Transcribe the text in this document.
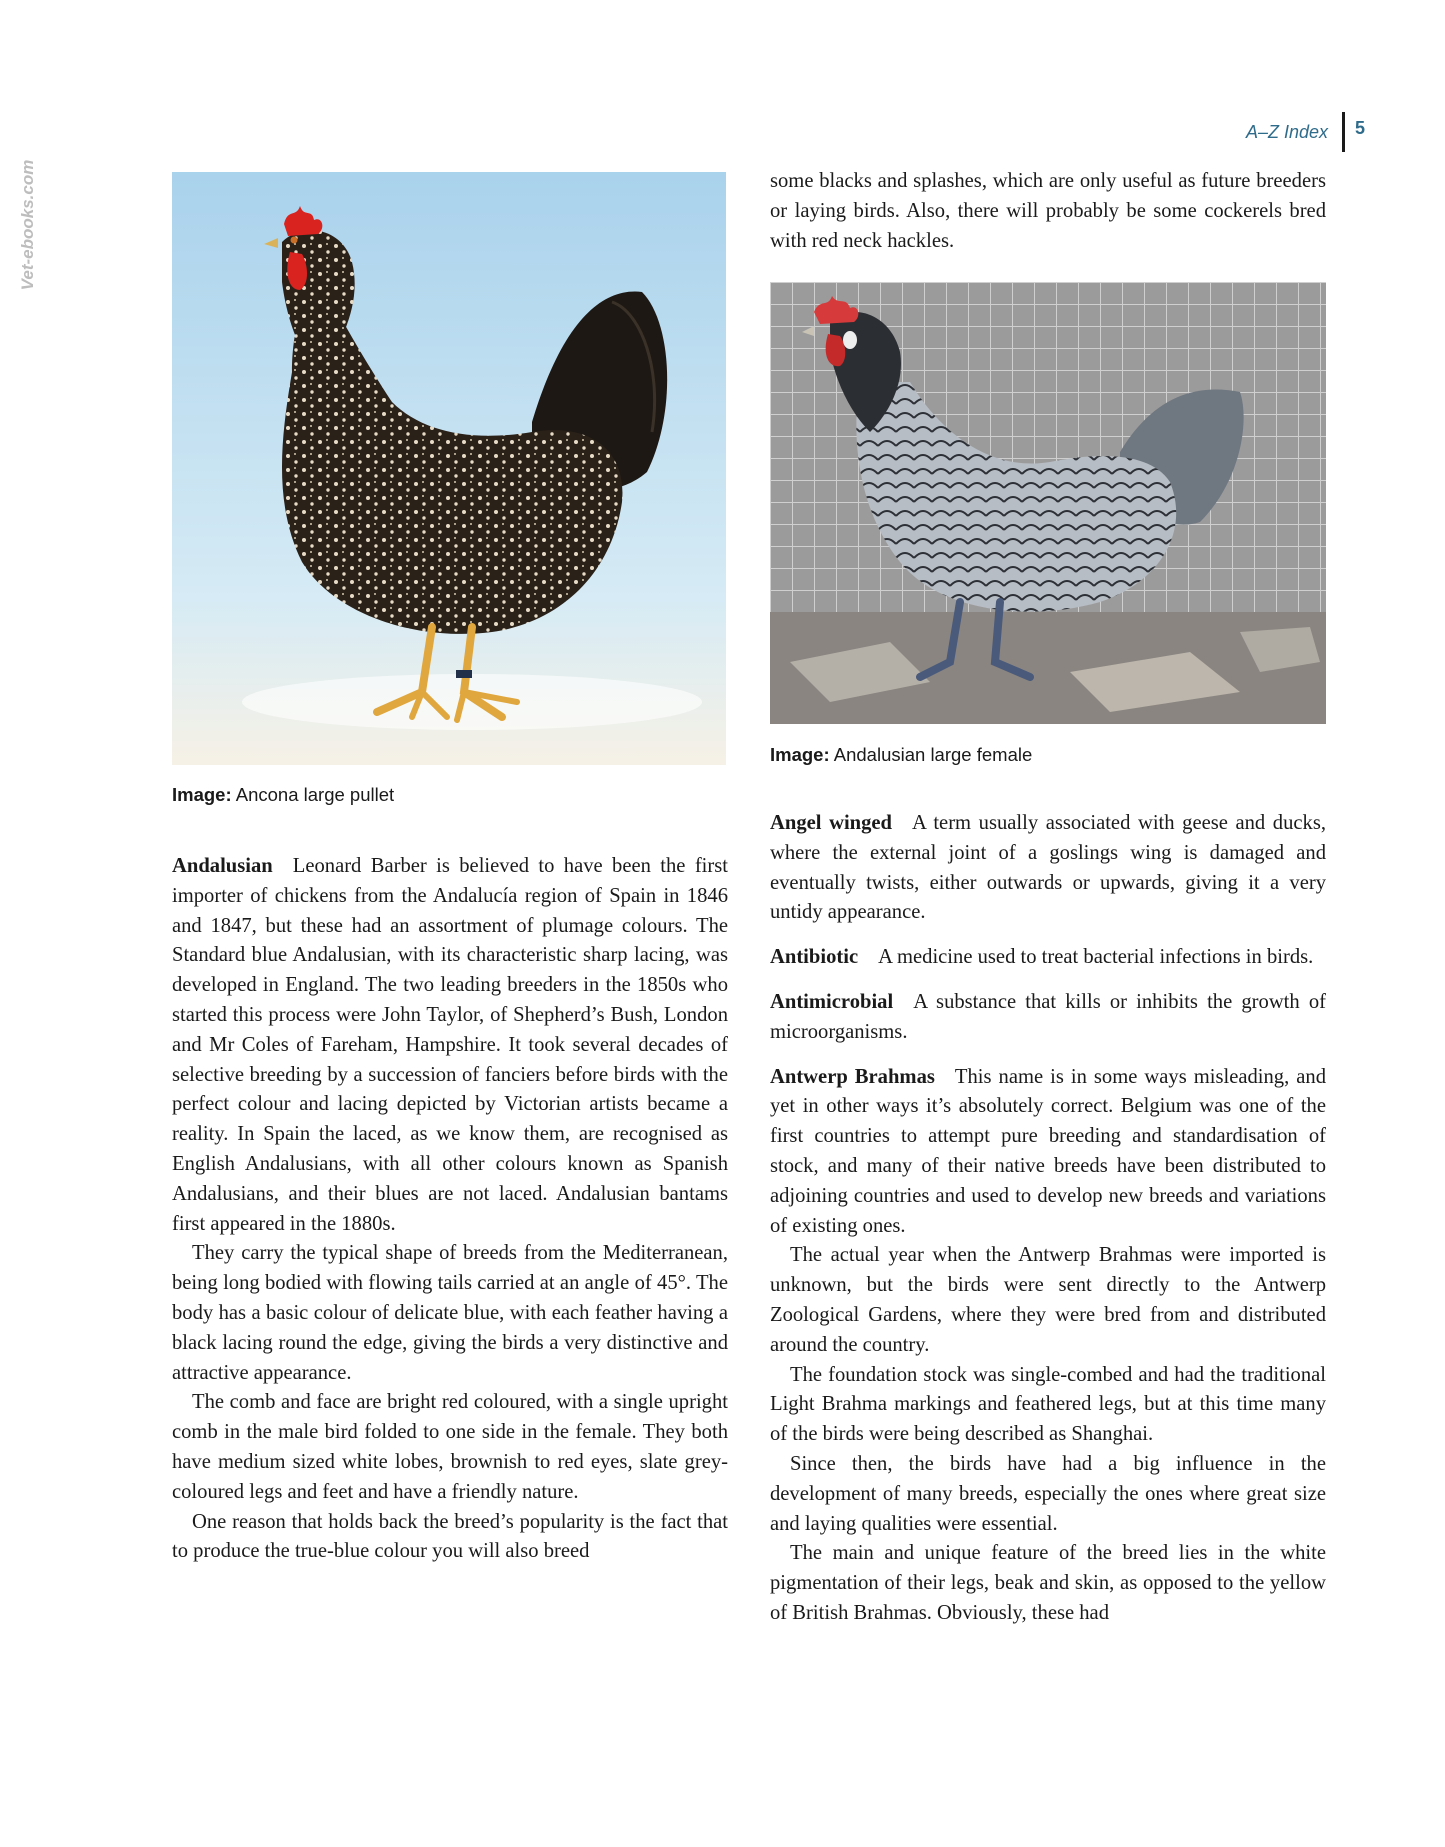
A–Z Index 5
Vet-ebooks.com
Image: Ancona large pullet
Image: Andalusian large female

some blacks and splashes, which are only useful as future breeders or laying birds. Also, there will probably be some cockerels bred with red neck hackles.

Andalusian Leonard Barber is believed to have been the first importer of chickens from the Andalucía region of Spain in 1846 and 1847, but these had an assortment of plumage colours. The Standard blue Andalusian, with its characteristic sharp lacing, was developed in England. The two leading breeders in the 1850s who started this process were John Taylor, of Shepherd’s Bush, London and Mr Coles of Fareham, Hampshire. It took several decades of selective breeding by a succession of fanciers before birds with the perfect colour and lacing depicted by Victorian artists became a reality. In Spain the laced, as we know them, are recognised as English Andalusians, with all other colours known as Spanish Andalusians, and their blues are not laced. Andalusian bantams first appeared in the 1880s.

They carry the typical shape of breeds from the Mediterranean, being long bodied with flowing tails carried at an angle of 45°. The body has a basic colour of delicate blue, with each feather having a black lacing round the edge, giving the birds a very distinctive and attractive appearance.

The comb and face are bright red coloured, with a single upright comb in the male bird folded to one side in the female. They both have medium sized white lobes, brownish to red eyes, slate grey-coloured legs and feet and have a friendly nature.

One reason that holds back the breed’s popularity is the fact that to produce the true-blue colour you will also breed

Angel winged A term usually associated with geese and ducks, where the external joint of a goslings wing is damaged and eventually twists, either outwards or upwards, giving it a very untidy appearance.

Antibiotic A medicine used to treat bacterial infections in birds.

Antimicrobial A substance that kills or inhibits the growth of microorganisms.

Antwerp Brahmas This name is in some ways misleading, and yet in other ways it’s absolutely correct. Belgium was one of the first countries to attempt pure breeding and standardisation of stock, and many of their native breeds have been distributed to adjoining countries and used to develop new breeds and variations of existing ones.

The actual year when the Antwerp Brahmas were imported is unknown, but the birds were sent directly to the Antwerp Zoological Gardens, where they were bred from and distributed around the country.

The foundation stock was single-combed and had the traditional Light Brahma markings and feathered legs, but at this time many of the birds were being described as Shanghai.

Since then, the birds have had a big influence in the development of many breeds, especially the ones where great size and laying qualities were essential.

The main and unique feature of the breed lies in the white pigmentation of their legs, beak and skin, as opposed to the yellow of British Brahmas. Obviously, these had
